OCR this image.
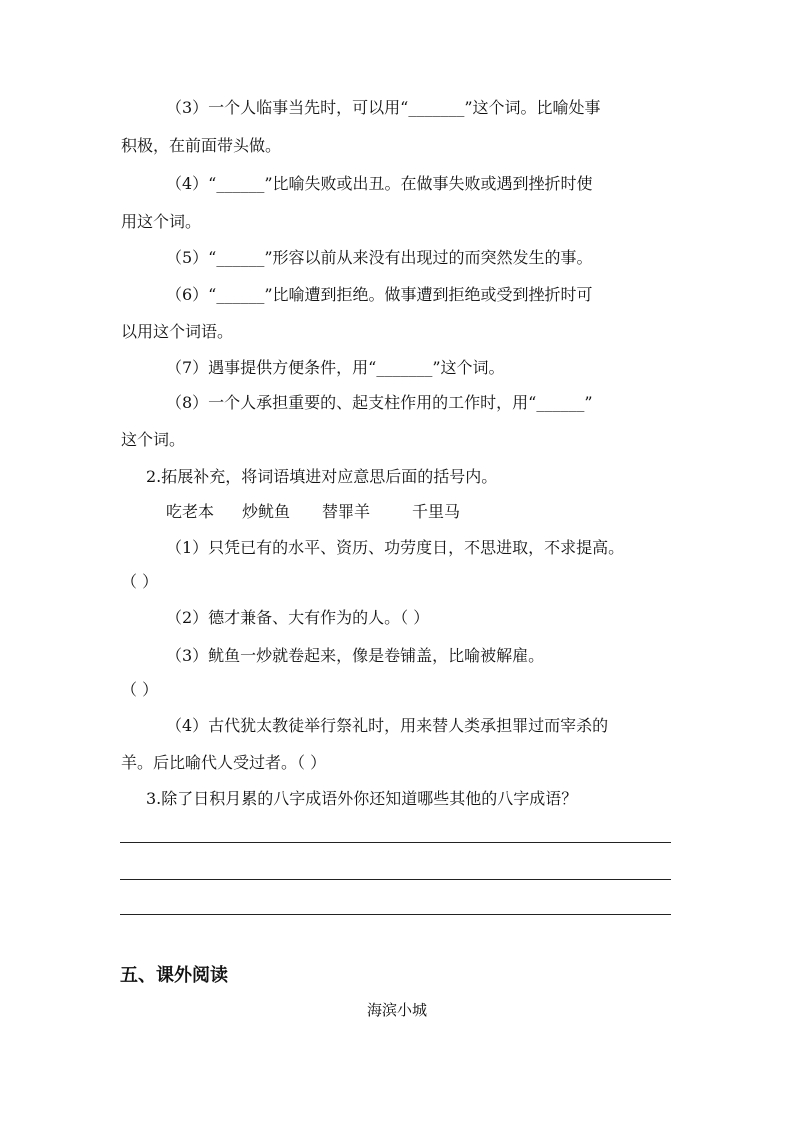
（3）一个人临事当先时，可以用“_______”这个词。比喻处事
积极，在前面带头做。
（4）“______”比喻失败或出丑。在做事失败或遇到挫折时使
用这个词。
（5）“______”形容以前从来没有出现过的而突然发生的事。
（6）“______”比喻遭到拒绝。做事遭到拒绝或受到挫折时可
以用这个词语。
（7）遇事提供方便条件，用“_______”这个词。
（8）一个人承担重要的、起支柱作用的工作时，用“______”
这个词。
2.拓展补充，将词语填进对应意思后面的括号内。
吃老本 炒鱿鱼 替罪羊	千里马
（1）只凭已有的水平、资历、功劳度日，不思进取，不求提高。
（ ）
（2）德才兼备、大有作为的人。（ ）
（3）鱿鱼一炒就卷起来，像是卷铺盖，比喻被解雇。
（ ）
（4）古代犹太教徒举行祭礼时，用来替人类承担罪过而宰杀的
羊。后比喻代人受过者。（ ）
3.除了日积月累的八字成语外你还知道哪些其他的八字成语？
五、课外阅读
海滨小城
